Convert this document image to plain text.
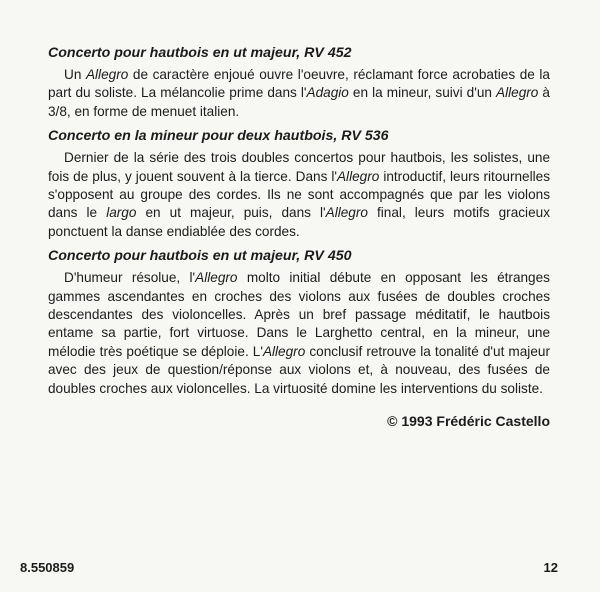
Concerto pour hautbois en ut majeur, RV 452

Un Allegro de caractère enjoué ouvre l'oeuvre, réclamant force acrobaties de la part du soliste. La mélancolie prime dans l'Adagio en la mineur, suivi d'un Allegro à 3/8, en forme de menuet italien.

Concerto en la mineur pour deux hautbois, RV 536

Dernier de la série des trois doubles concertos pour hautbois, les solistes, une fois de plus, y jouent souvent à la tierce. Dans l'Allegro introductif, leurs ritournelles s'opposent au groupe des cordes. Ils ne sont accompagnés que par les violons dans le largo en ut majeur, puis, dans l'Allegro final, leurs motifs gracieux ponctuent la danse endiablée des cordes.

Concerto pour hautbois en ut majeur, RV 450

D'humeur résolue, l'Allegro molto initial débute en opposant les étranges gammes ascendantes en croches des violons aux fusées de doubles croches descendantes des violoncelles. Après un bref passage méditatif, le hautbois entame sa partie, fort virtuose. Dans le Larghetto central, en la mineur, une mélodie très poétique se déploie. L'Allegro conclusif retrouve la tonalité d'ut majeur avec des jeux de question/réponse aux violons et, à nouveau, des fusées de doubles croches aux violoncelles. La virtuosité domine les interventions du soliste.

© 1993 Frédéric Castello
8.550859	12
